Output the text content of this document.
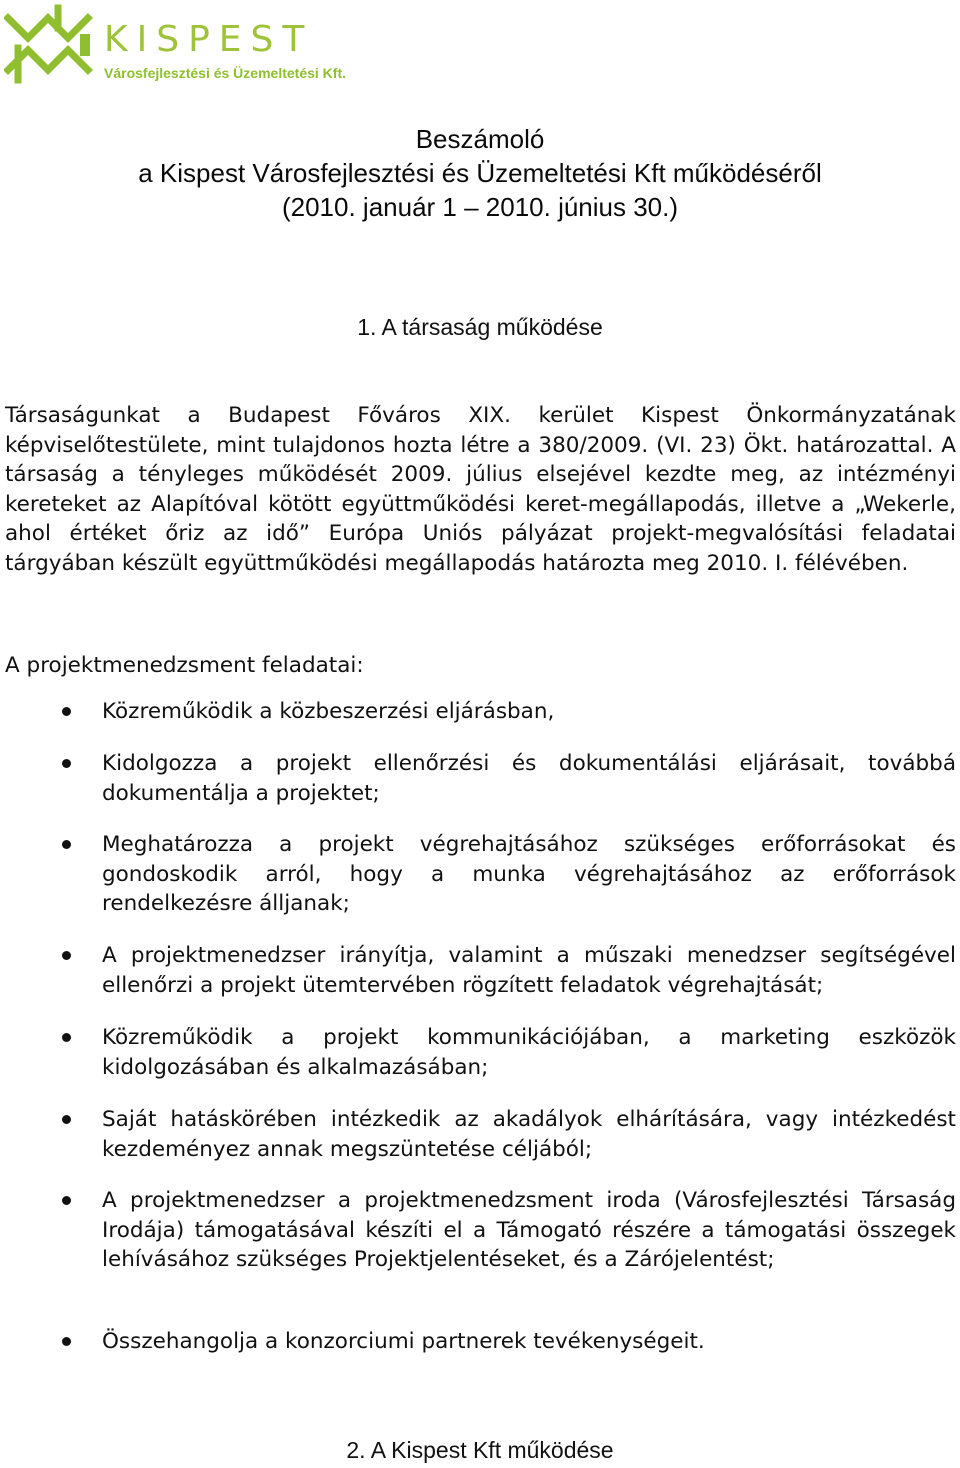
KISPEST
Városfejlesztési és Üzemeltetési Kft.
Beszámoló
a Kispest Városfejlesztési és Üzemeltetési Kft működéséről
(2010. január 1 – 2010. június 30.)
1. A társaság működése

Társaságunkat a Budapest Főváros XIX. kerület Kispest Önkormányzatának képviselőtestülete, mint tulajdonos hozta létre a 380/2009. (VI. 23) Ökt. határozattal. A társaság a tényleges működését 2009. július elsejével kezdte meg, az intézményi kereteket az Alapítóval kötött együttműködési keret-megállapodás, illetve a „Wekerle, ahol értéket őriz az idő” Európa Uniós pályázat projekt-megvalósítási feladatai tárgyában készült együttműködési megállapodás határozta meg 2010. I. félévében.

A projektmenedzsment feladatai:

Közreműködik a közbeszerzési eljárásban,
Kidolgozza a projekt ellenőrzési és dokumentálási eljárásait, továbbá dokumentálja a projektet;
Meghatározza a projekt végrehajtásához szükséges erőforrásokat és gondoskodik arról, hogy a munka végrehajtásához az erőforrások rendelkezésre álljanak;
A projektmenedzser irányítja, valamint a műszaki menedzser segítségével ellenőrzi a projekt ütemtervében rögzített feladatok végrehajtását;
Közreműködik a projekt kommunikációjában, a marketing eszközök kidolgozásában és alkalmazásában;
Saját hatáskörében intézkedik az akadályok elhárítására, vagy intézkedést kezdeményez annak megszüntetése céljából;
A projektmenedzser a projektmenedzsment iroda (Városfejlesztési Társaság Irodája) támogatásával készíti el a Támogató részére a támogatási összegek lehívásához szükséges Projektjelentéseket, és a Zárójelentést;
Összehangolja a konzorciumi partnerek tevékenységeit.
2. A Kispest Kft működése
